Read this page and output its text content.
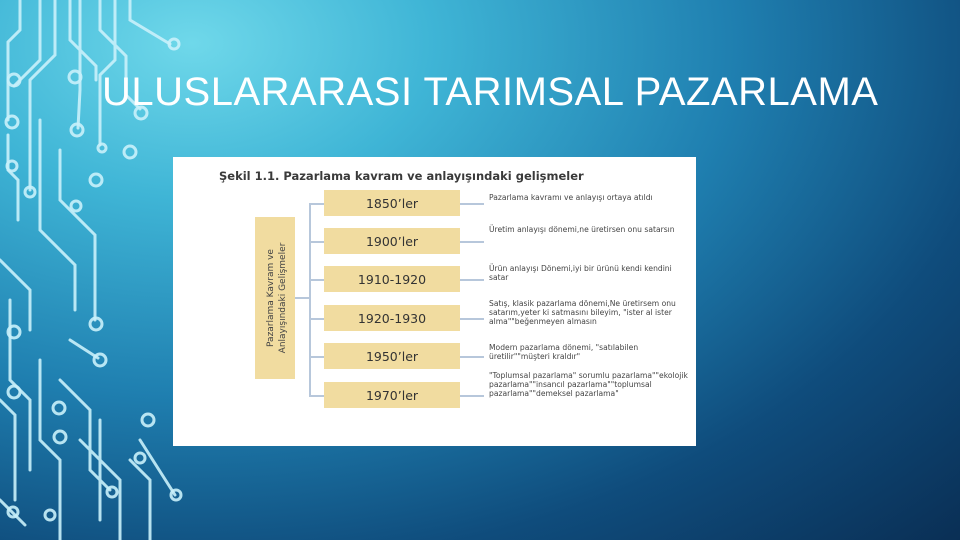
ULUSLARARASI TARIMSAL PAZARLAMA
Şekil 1.1. Pazarlama kavram ve anlayışındaki gelişmeler
Pazarlama Kavram ve Anlayışındaki Gelişmeler
1850’ler
1900’ler
1910-1920
1920-1930
1950’ler
1970’ler
Pazarlama kavramı ve anlayışı ortaya atıldı
Üretim anlayışı dönemi,ne üretirsen onu satarsın
Ürün anlayışı Dönemi,iyi bir ürünü kendi kendini satar
Satış, klasik pazarlama dönemi,Ne üretirsem onu satarım,yeter ki satmasını bileyim, "ister al ister alma""beğenmeyen almasın
Modern pazarlama dönemi, "satılabilen üretilir""müşteri kraldır"
"Toplumsal pazarlama" sorumlu pazarlama""ekolojik pazarlama""insancıl pazarlama""toplumsal pazarlama""demeksel pazarlama"
